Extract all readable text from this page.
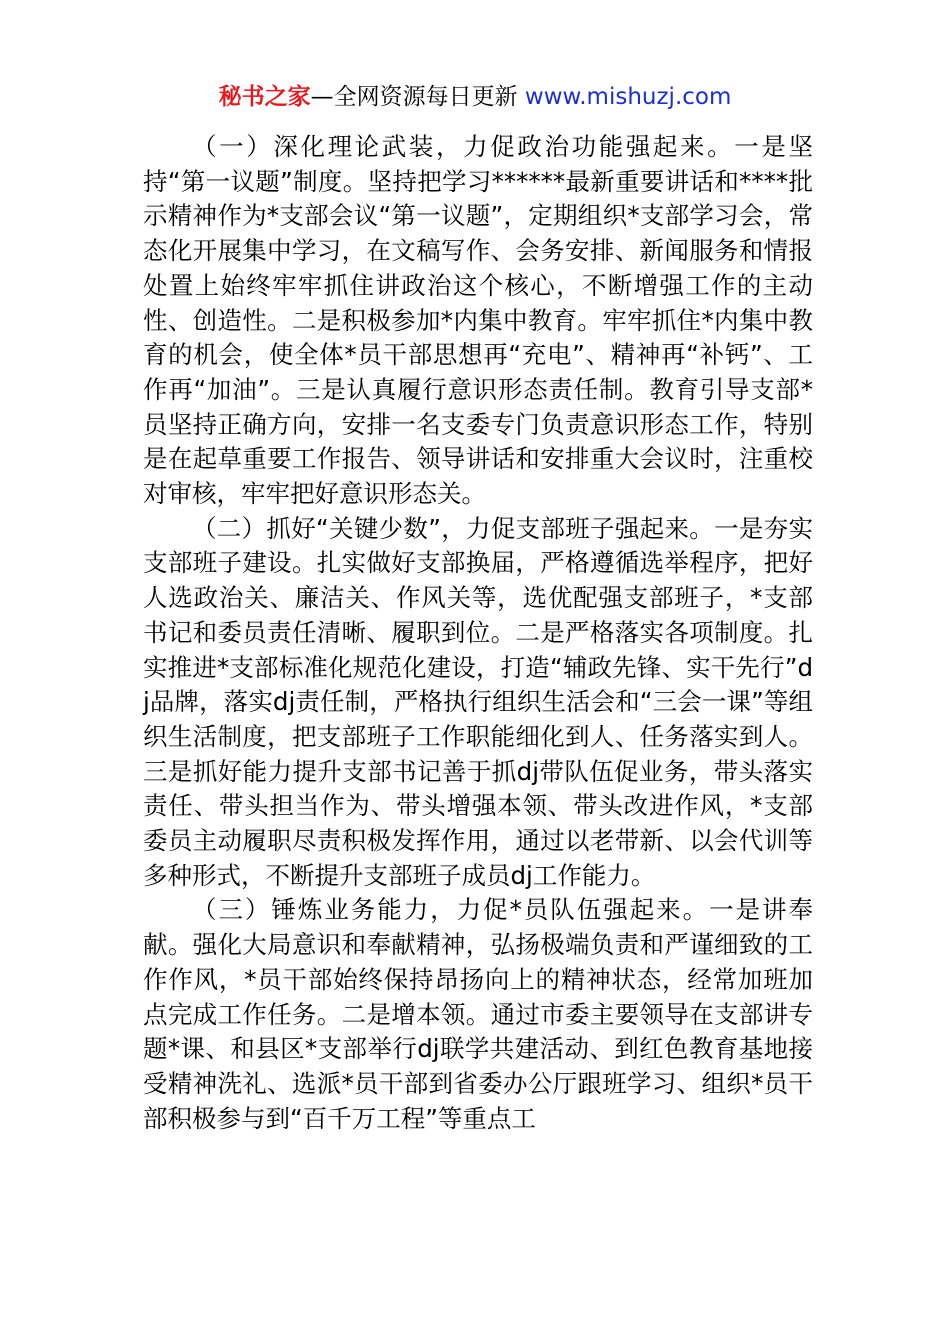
秘书之家—全网资源每日更新 www.mishuzj.com

（一）深化理论武装，力促政治功能强起来。一是坚持“第一议题”制度。坚持把学习******最新重要讲话和****批示精神作为*支部会议“第一议题”，定期组织*支部学习会，常态化开展集中学习，在文稿写作、会务安排、新闻服务和情报处置上始终牢牢抓住讲政治这个核心，不断增强工作的主动性、创造性。二是积极参加*内集中教育。牢牢抓住*内集中教育的机会，使全体*员干部思想再“充电”、精神再“补钙”、工作再“加油”。三是认真履行意识形态责任制。教育引导支部*员坚持正确方向，安排一名支委专门负责意识形态工作，特别是在起草重要工作报告、领导讲话和安排重大会议时，注重校对审核，牢牢把好意识形态关。

（二）抓好“关键少数”，力促支部班子强起来。一是夯实支部班子建设。扎实做好支部换届，严格遵循选举程序，把好人选政治关、廉洁关、作风关等，选优配强支部班子，*支部书记和委员责任清晰、履职到位。二是严格落实各项制度。扎实推进*支部标准化规范化建设，打造“辅政先锋、实干先行”dj品牌，落实dj责任制，严格执行组织生活会和“三会一课”等组织生活制度，把支部班子工作职能细化到人、任务落实到人。三是抓好能力提升支部书记善于抓dj带队伍促业务，带头落实责任、带头担当作为、带头增强本领、带头改进作风，*支部委员主动履职尽责积极发挥作用，通过以老带新、以会代训等多种形式，不断提升支部班子成员dj工作能力。

（三）锤炼业务能力，力促*员队伍强起来。一是讲奉献。强化大局意识和奉献精神，弘扬极端负责和严谨细致的工作作风，*员干部始终保持昂扬向上的精神状态，经常加班加点完成工作任务。二是增本领。通过市委主要领导在支部讲专题*课、和县区*支部举行dj联学共建活动、到红色教育基地接受精神洗礼、选派*员干部到省委办公厅跟班学习、组织*员干部积极参与到“百千万工程”等重点工
